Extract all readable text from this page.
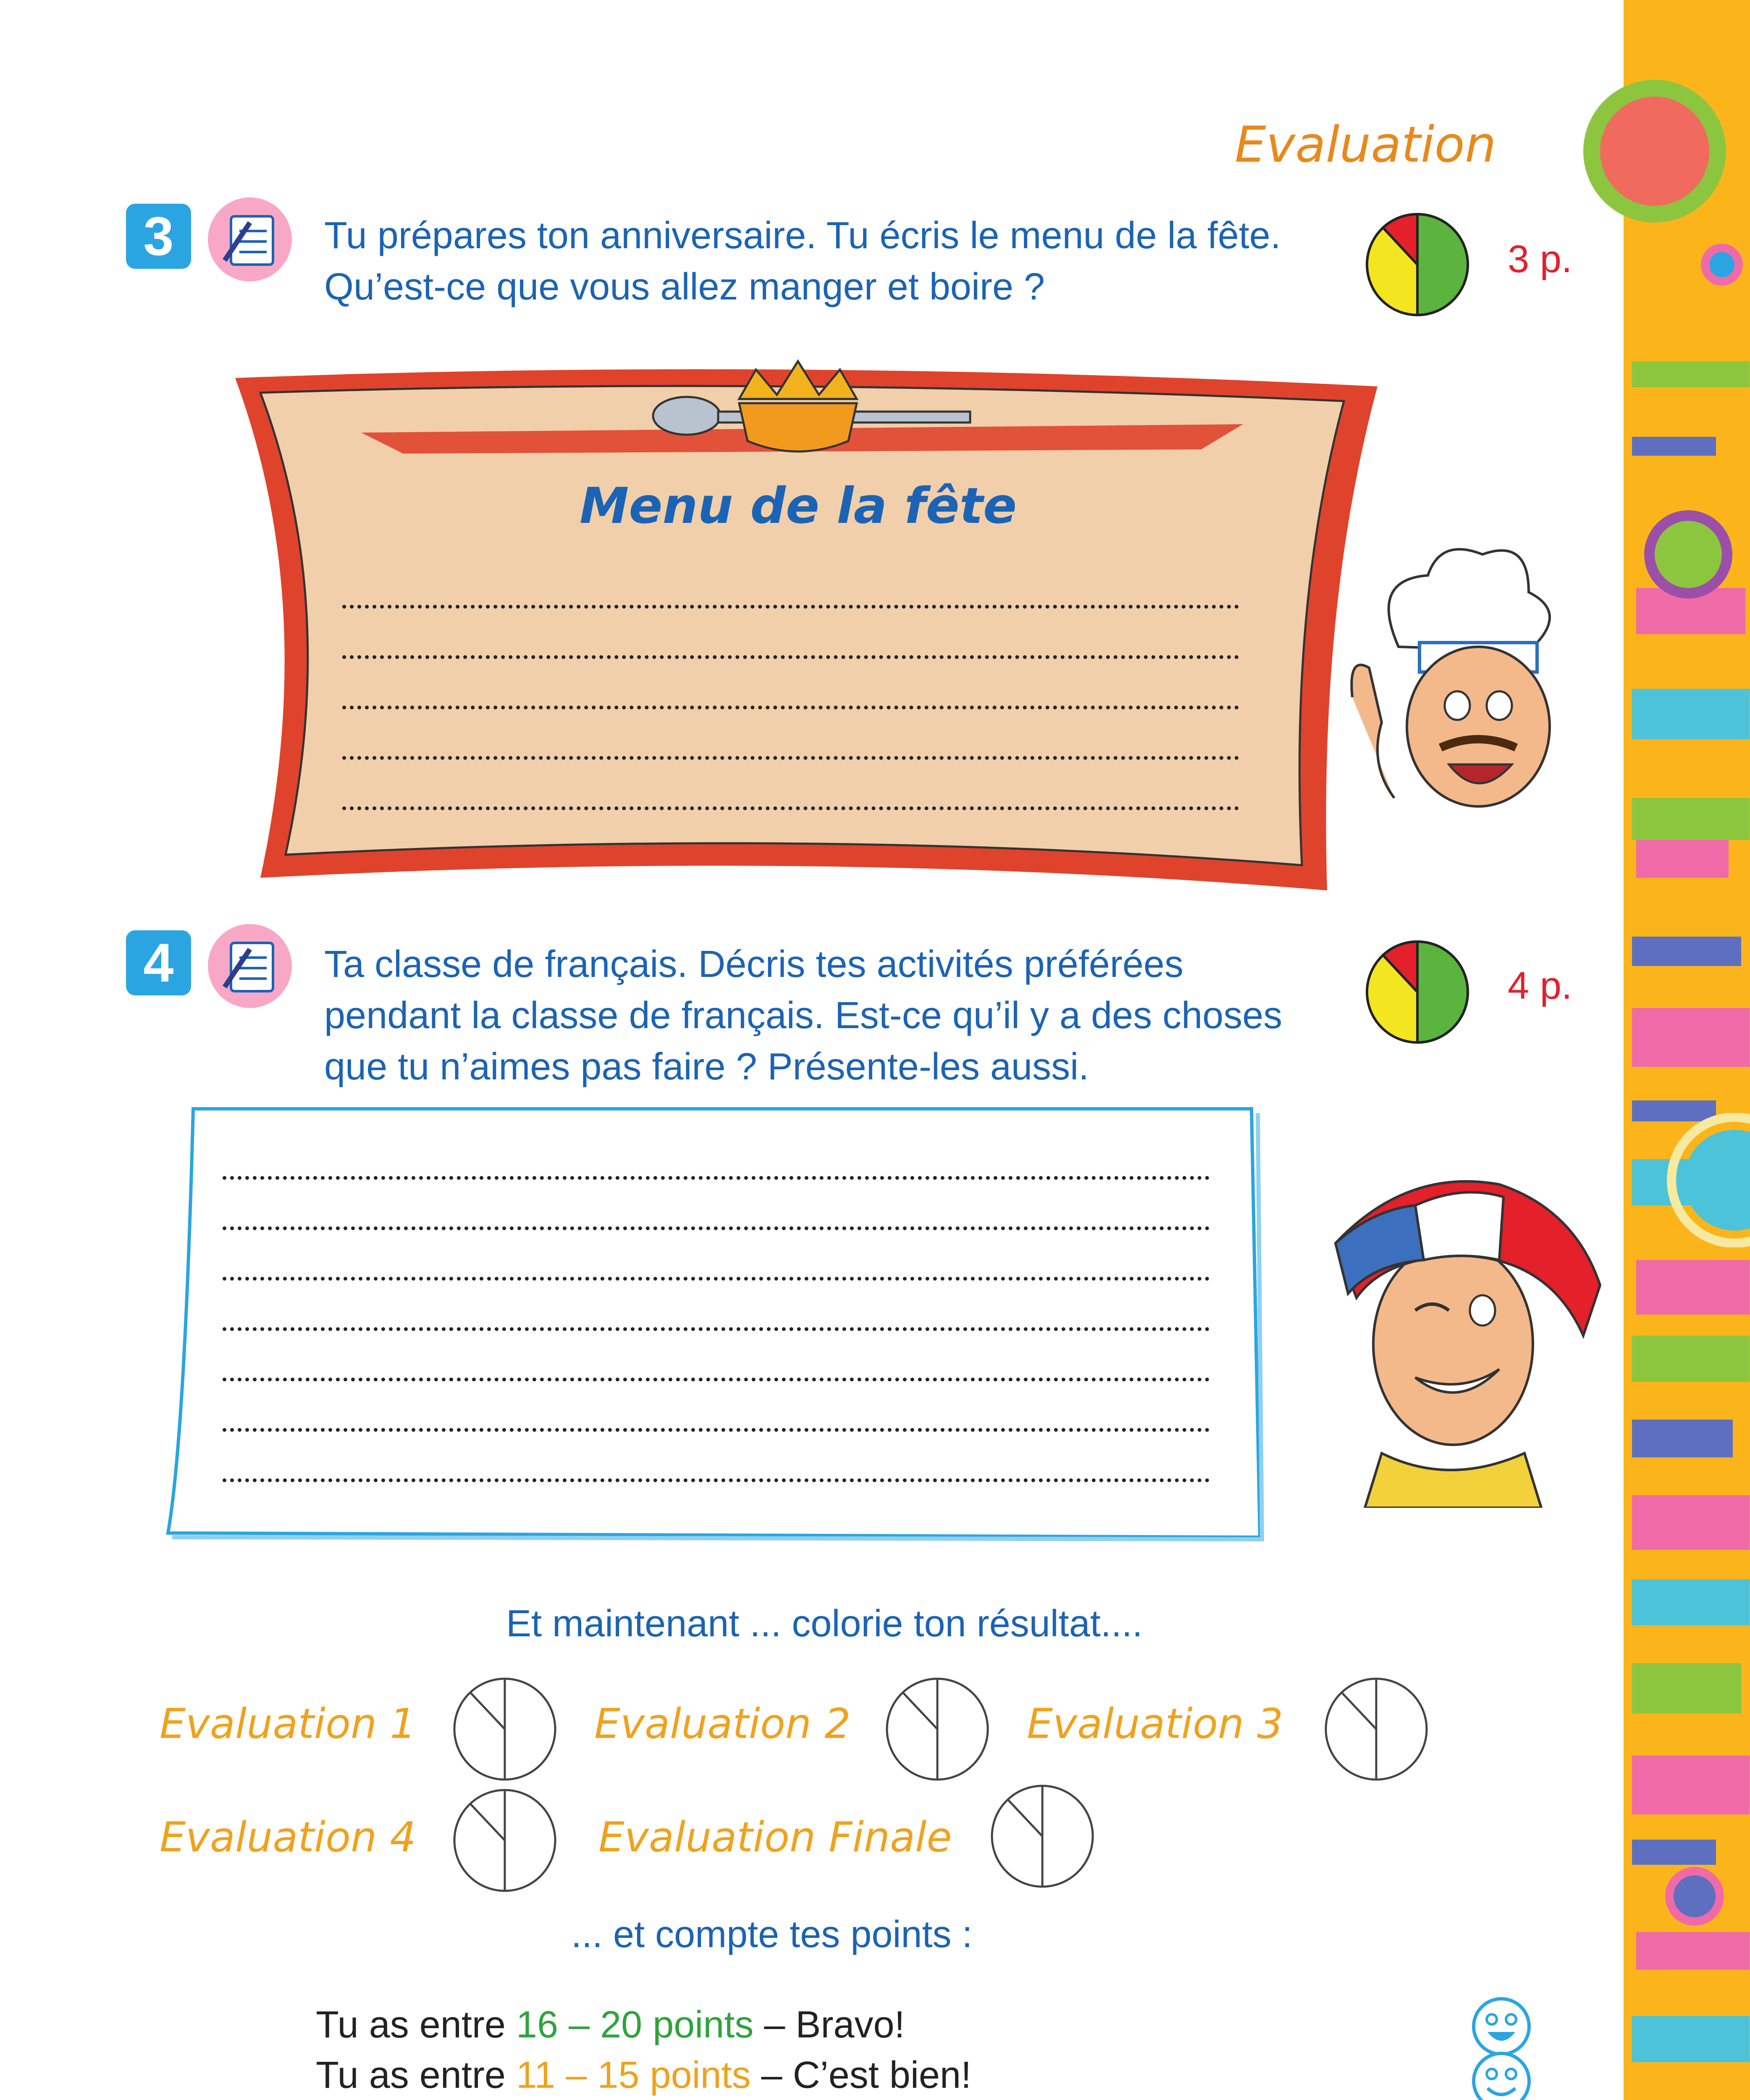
Evaluation
3	Tu prépares ton anniversaire. Tu écris le menu de la fête.
Qu’est-ce que vous allez manger et boire ?
3 p.
Menu de la fête
4	Ta classe de français. Décris tes activités préférées
pendant la classe de français. Est-ce qu’il y a des choses
que tu n’aimes pas faire ? Présente-les aussi.
4 p.
Et maintenant ... colorie ton résultat....
Evaluation 1	Evaluation 2	Evaluation 3
Evaluation 4	Evaluation Finale
... et compte tes points :
Tu as entre 16 – 20 points – Bravo!
Tu as entre 11 – 15 points – C’est bien!
